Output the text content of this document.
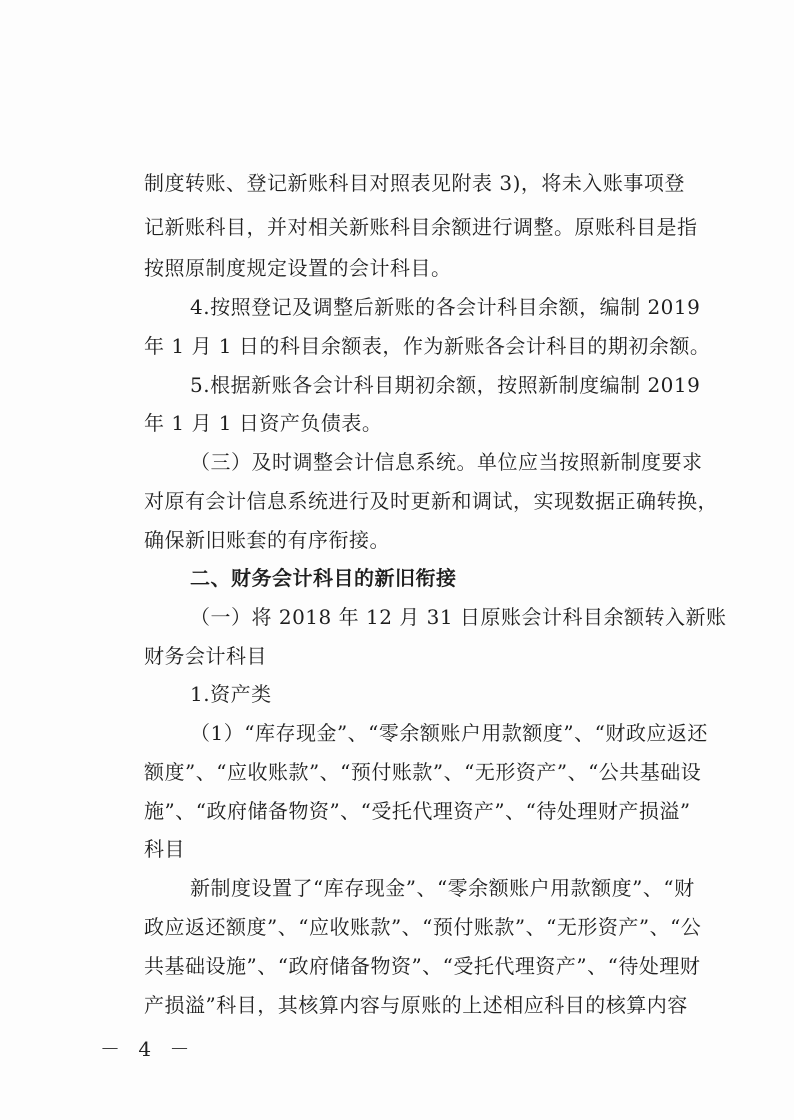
制度转账、登记新账科目对照表见附表 3)，将未入账事项登
记新账科目，并对相关新账科目余额进行调整。原账科目是指
按照原制度规定设置的会计科目。
4.按照登记及调整后新账的各会计科目余额，编制 2019
年 1 月 1 日的科目余额表，作为新账各会计科目的期初余额。
5.根据新账各会计科目期初余额，按照新制度编制 2019
年 1 月 1 日资产负债表。
（三）及时调整会计信息系统。单位应当按照新制度要求
对原有会计信息系统进行及时更新和调试，实现数据正确转换，
确保新旧账套的有序衔接。
二、财务会计科目的新旧衔接
（一）将 2018 年 12 月 31 日原账会计科目余额转入新账
财务会计科目
1.资产类
（1）“库存现金”、“零余额账户用款额度”、“财政应返还
额度”、“应收账款”、“预付账款”、“无形资产”、“公共基础设
施”、“政府储备物资”、“受托代理资产”、“待处理财产损溢”
科目
新制度设置了“库存现金”、“零余额账户用款额度”、“财
政应返还额度”、“应收账款”、“预付账款”、“无形资产”、“公
共基础设施”、“政府储备物资”、“受托代理资产”、“待处理财
产损溢”科目，其核算内容与原账的上述相应科目的核算内容
－ 4 －
